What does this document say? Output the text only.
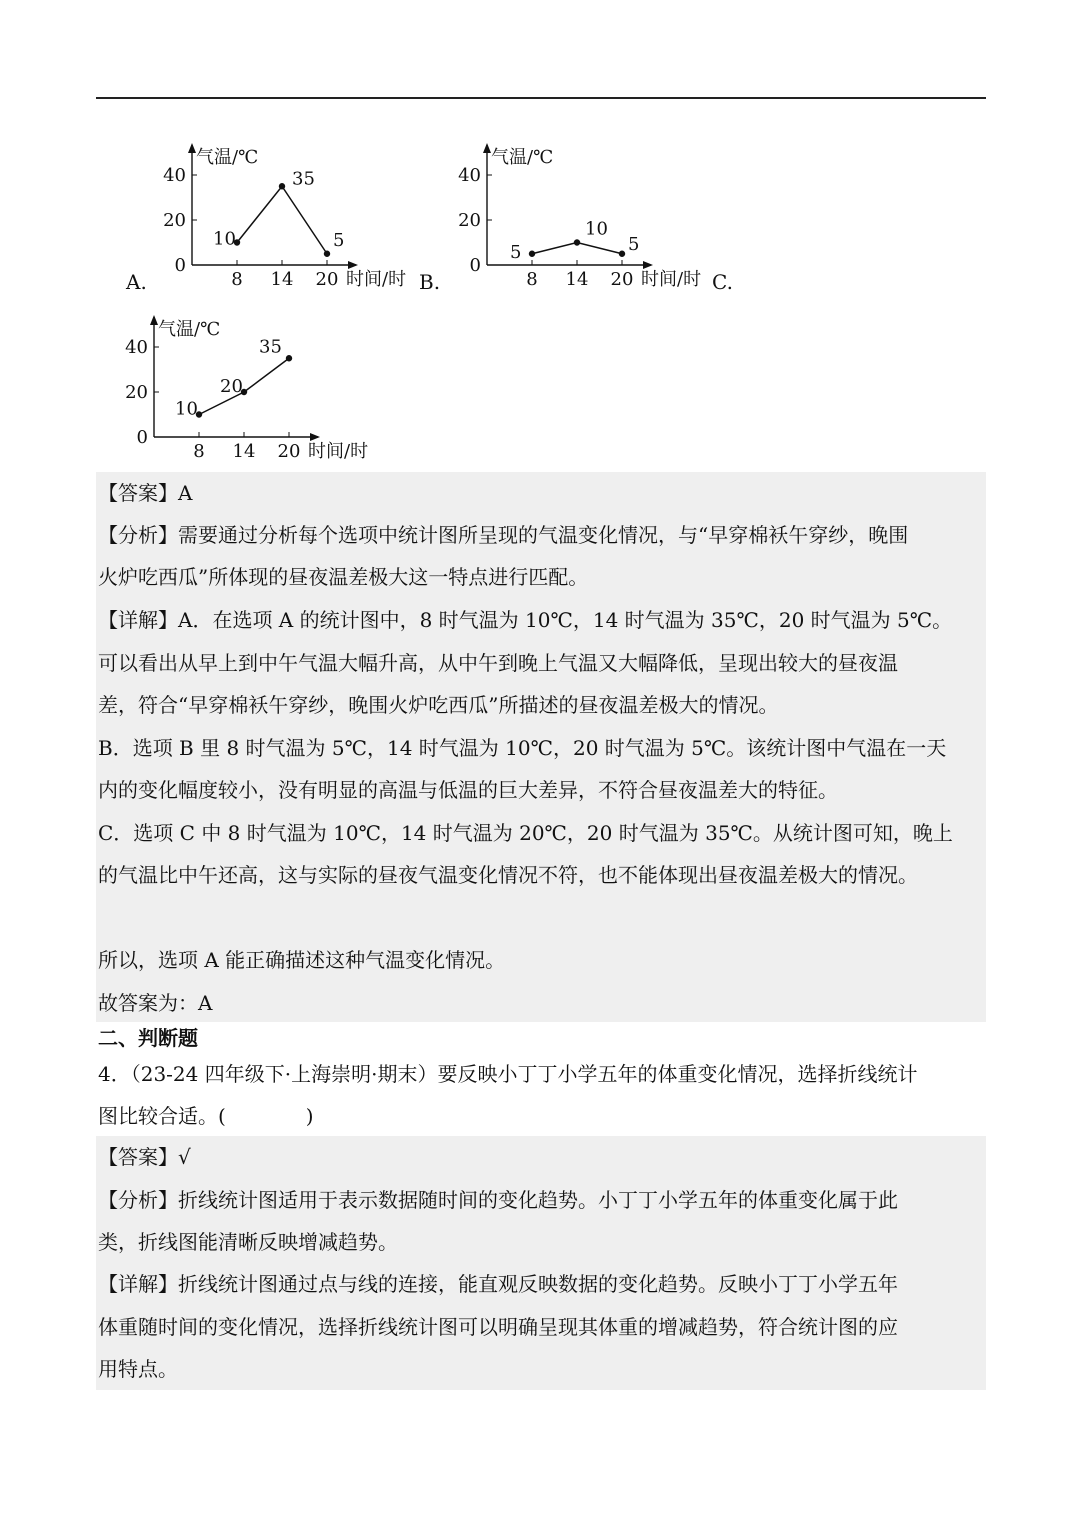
气温/℃
时间/时
0
20
40
8 14 20
10
35
5
气温/℃
时间/时
0
20
40
8 14 20
5
10
5
气温/℃
时间/时
0
20
40
8 14 20
10
20
35
A.	B.	C.
【答案】A
【分析】需要通过分析每个选项中统计图所呈现的气温变化情况，与“早穿棉袄午穿纱，晚围
火炉吃西瓜”所体现的昼夜温差极大这一特点进行匹配。
【详解】A．在选项 A 的统计图中，8 时气温为 10℃，14 时气温为 35℃，20 时气温为 5℃。
可以看出从早上到中午气温大幅升高，从中午到晚上气温又大幅降低，呈现出较大的昼夜温
差，符合“早穿棉袄午穿纱，晚围火炉吃西瓜”所描述的昼夜温差极大的情况。
B．选项 B 里 8 时气温为 5℃，14 时气温为 10℃，20 时气温为 5℃。该统计图中气温在一天
内的变化幅度较小，没有明显的高温与低温的巨大差异，不符合昼夜温差大的特征。
C．选项 C 中 8 时气温为 10℃，14 时气温为 20℃，20 时气温为 35℃。从统计图可知，晚上
的气温比中午还高，这与实际的昼夜气温变化情况不符，也不能体现出昼夜温差极大的情况。
所以，选项 A 能正确描述这种气温变化情况。
故答案为：A
二、判断题
4．（23-24 四年级下·上海崇明·期末）要反映小丁丁小学五年的体重变化情况，选择折线统计
图比较合适。(　　　　)
【答案】√
【分析】折线统计图适用于表示数据随时间的变化趋势。小丁丁小学五年的体重变化属于此
类，折线图能清晰反映增减趋势。
【详解】折线统计图通过点与线的连接，能直观反映数据的变化趋势。反映小丁丁小学五年
体重随时间的变化情况，选择折线统计图可以明确呈现其体重的增减趋势，符合统计图的应
用特点。
